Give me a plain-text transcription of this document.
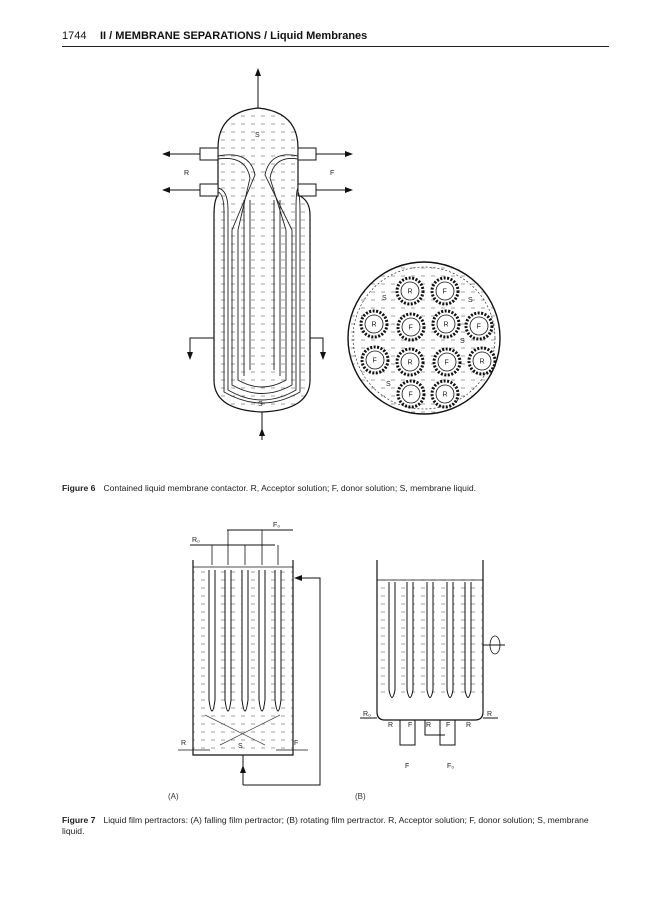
1744 II / MEMBRANE SEPARATIONS / Liquid Membranes
S
S
R	F
R	F
R	F	R	F
F	R	F	R
F	R
S	S
S
S
Figure 6 Contained liquid membrane contactor. R, Acceptor solution; F, donor solution; S, membrane liquid.
R	F
S
R₀
F₀
R F R F R
R
R₀
F	F₀
(A)	(B)
Figure 7 Liquid film pertractors: (A) falling film pertractor; (B) rotating film pertractor. R, Acceptor solution; F, donor solution; S, membrane liquid.
